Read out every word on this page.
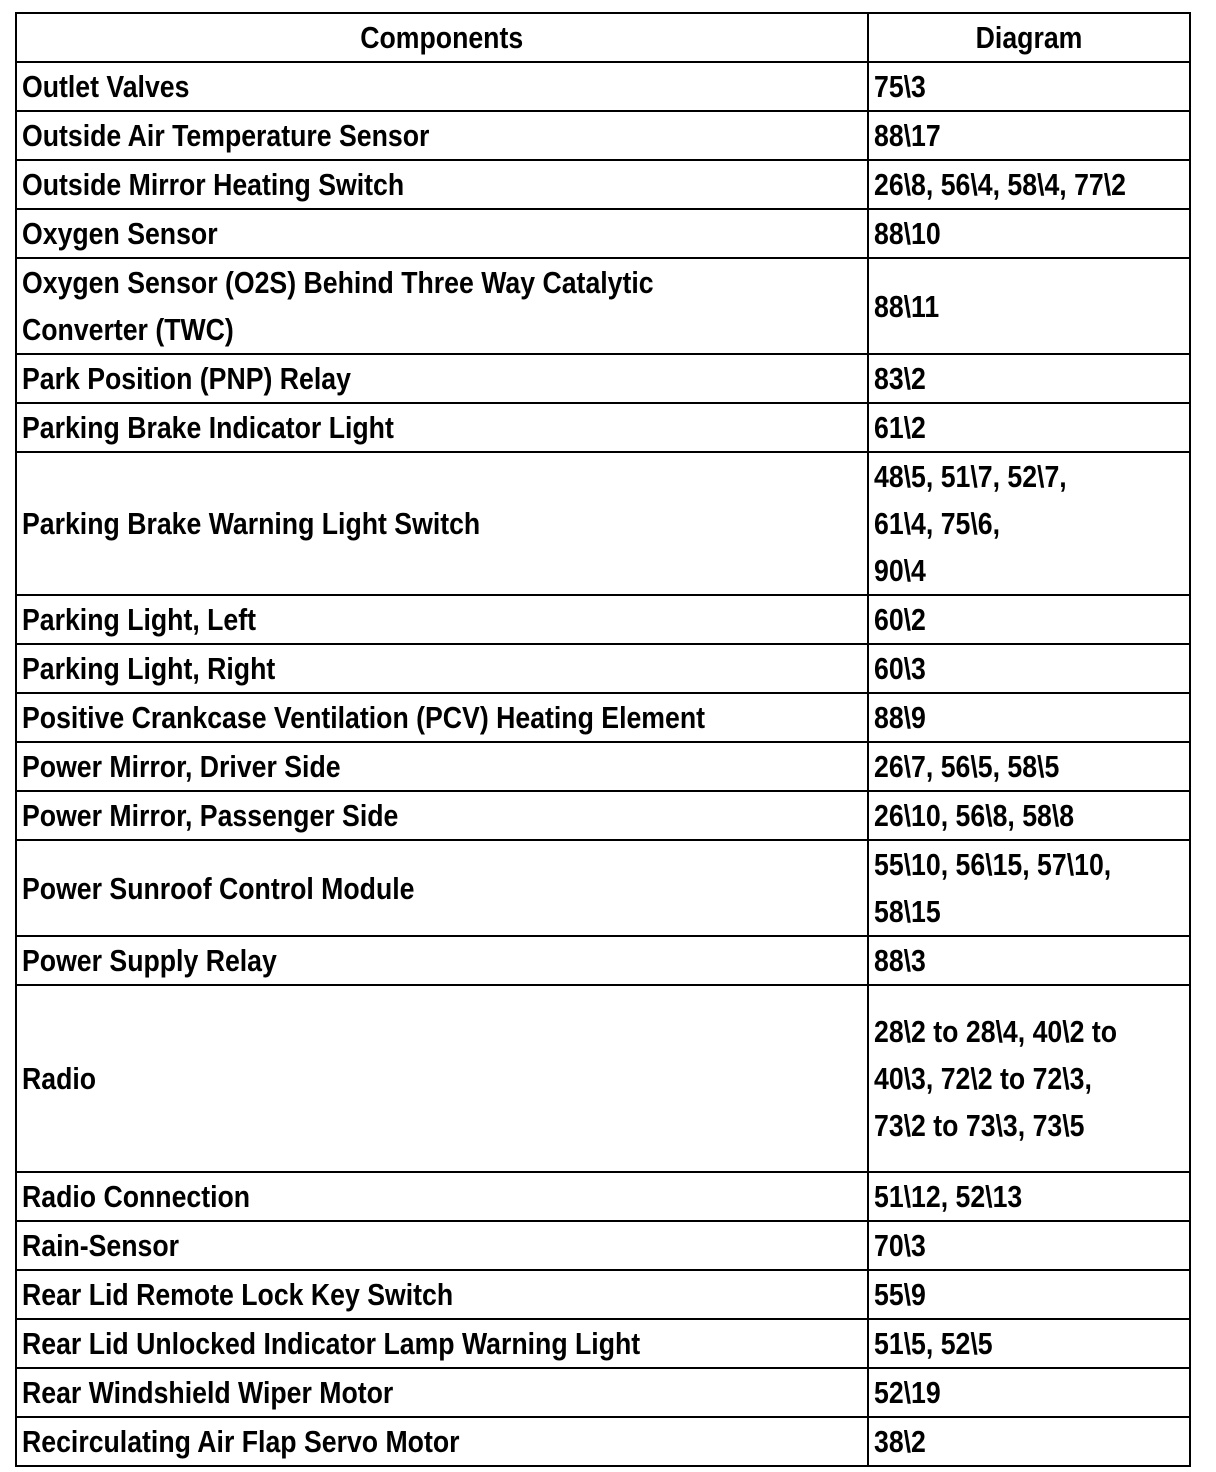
Components	Diagram
Outlet Valves	75\3
Outside Air Temperature Sensor	88\17
Outside Mirror Heating Switch	26\8, 56\4, 58\4, 77\2
Oxygen Sensor	88\10
Oxygen Sensor (O2S) Behind Three Way Catalytic
Converter (TWC)	88\11
Park Position (PNP) Relay	83\2
Parking Brake Indicator Light	61\2
Parking Brake Warning Light Switch	48\5, 51\7, 52\7,
61\4, 75\6,
90\4
Parking Light, Left	60\2
Parking Light, Right	60\3
Positive Crankcase Ventilation (PCV) Heating Element	88\9
Power Mirror, Driver Side	26\7, 56\5, 58\5
Power Mirror, Passenger Side	26\10, 56\8, 58\8
Power Sunroof Control Module	55\10, 56\15, 57\10,
58\15
Power Supply Relay	88\3
Radio	28\2 to 28\4, 40\2 to
40\3, 72\2 to 72\3,
73\2 to 73\3, 73\5
Radio Connection	51\12, 52\13
Rain-Sensor	70\3
Rear Lid Remote Lock Key Switch	55\9
Rear Lid Unlocked Indicator Lamp Warning Light	51\5, 52\5
Rear Windshield Wiper Motor	52\19
Recirculating Air Flap Servo Motor	38\2
